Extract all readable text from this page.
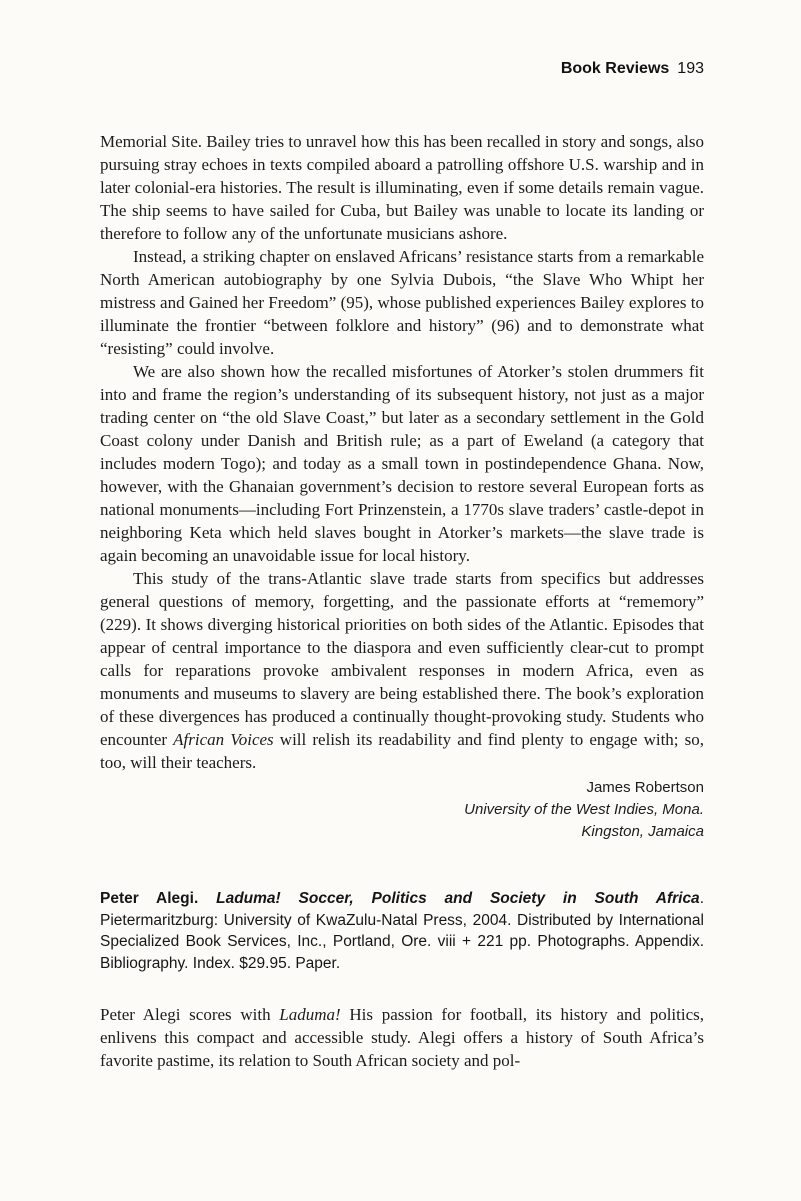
Book Reviews 193

Memorial Site. Bailey tries to unravel how this has been recalled in story and songs, also pursuing stray echoes in texts compiled aboard a patrolling offshore U.S. warship and in later colonial-era histories. The result is illuminating, even if some details remain vague. The ship seems to have sailed for Cuba, but Bailey was unable to locate its landing or therefore to follow any of the unfortunate musicians ashore.

Instead, a striking chapter on enslaved Africans’ resistance starts from a remarkable North American autobiography by one Sylvia Dubois, “the Slave Who Whipt her mistress and Gained her Freedom” (95), whose published experiences Bailey explores to illuminate the frontier “between folklore and history” (96) and to demonstrate what “resisting” could involve.

We are also shown how the recalled misfortunes of Atorker’s stolen drummers fit into and frame the region’s understanding of its subsequent history, not just as a major trading center on “the old Slave Coast,” but later as a secondary settlement in the Gold Coast colony under Danish and British rule; as a part of Eweland (a category that includes modern Togo); and today as a small town in postindependence Ghana. Now, however, with the Ghanaian government’s decision to restore several European forts as national monuments—including Fort Prinzenstein, a 1770s slave traders’ castle-depot in neighboring Keta which held slaves bought in Atorker’s markets—the slave trade is again becoming an unavoidable issue for local history.

This study of the trans-Atlantic slave trade starts from specifics but addresses general questions of memory, forgetting, and the passionate efforts at “rememory” (229). It shows diverging historical priorities on both sides of the Atlantic. Episodes that appear of central importance to the diaspora and even sufficiently clear-cut to prompt calls for reparations provoke ambivalent responses in modern Africa, even as monuments and museums to slavery are being established there. The book’s exploration of these divergences has produced a continually thought-provoking study. Students who encounter African Voices will relish its readability and find plenty to engage with; so, too, will their teachers.

James Robertson
University of the West Indies, Mona.
Kingston, Jamaica
Peter Alegi. Laduma! Soccer, Politics and Society in South Africa. Pietermaritzburg: University of KwaZulu-Natal Press, 2004. Distributed by International Specialized Book Services, Inc., Portland, Ore. viii + 221 pp. Photographs. Appendix. Bibliography. Index. $29.95. Paper.

Peter Alegi scores with Laduma! His passion for football, its history and politics, enlivens this compact and accessible study. Alegi offers a history of South Africa’s favorite pastime, its relation to South African society and pol-
